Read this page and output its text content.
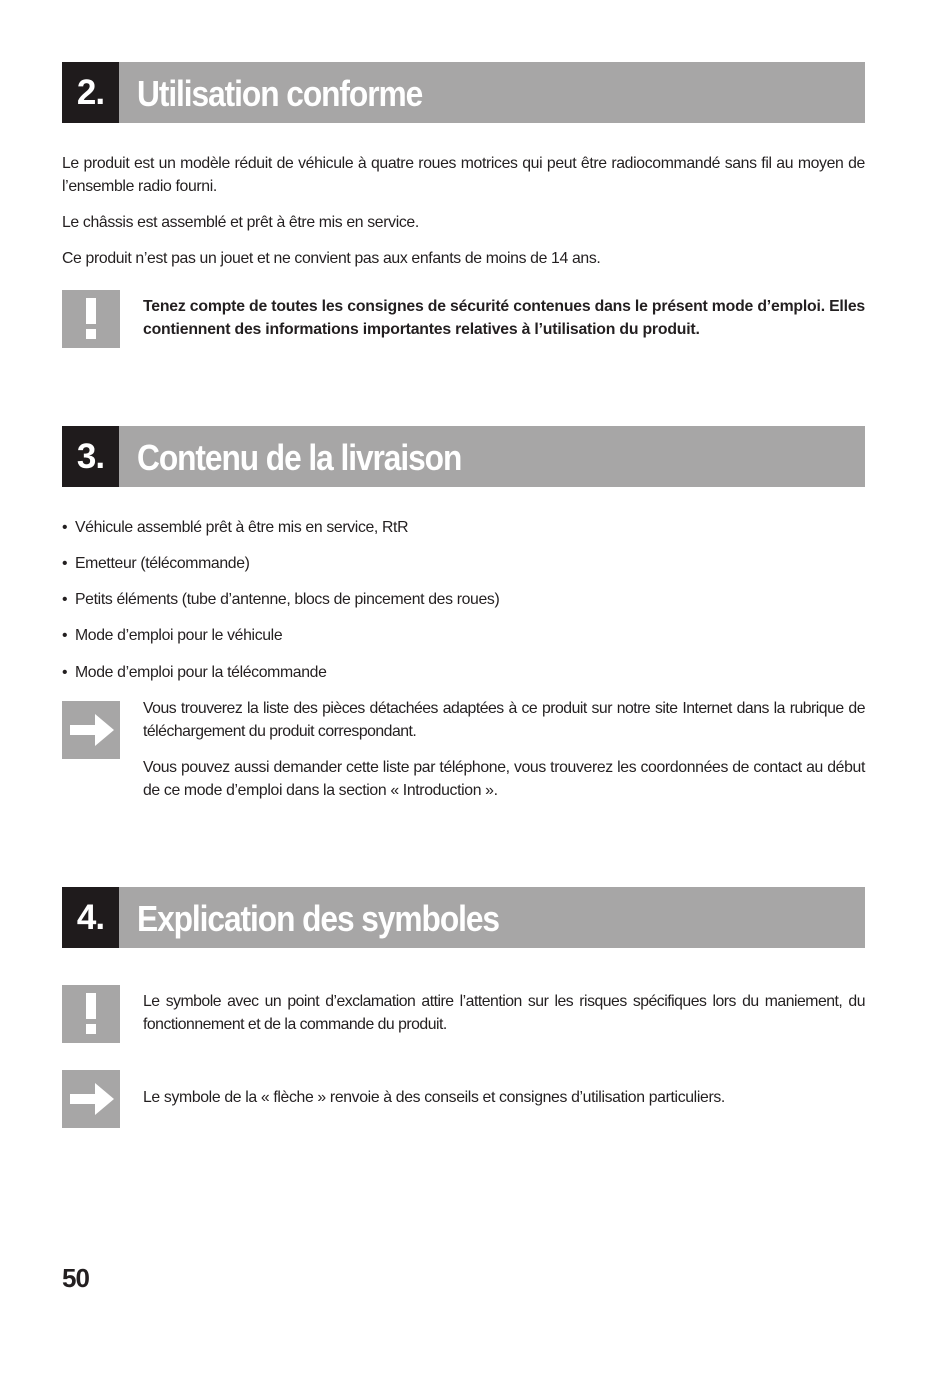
2. Utilisation conforme

Le produit est un modèle réduit de véhicule à quatre roues motrices qui peut être radiocommandé sans fil au moyen de l’ensemble radio fourni.

Le châssis est assemblé et prêt à être mis en service.

Ce produit n’est pas un jouet et ne convient pas aux enfants de moins de 14 ans.

Tenez compte de toutes les consignes de sécurité contenues dans le présent mode d’emploi. Elles contiennent des informations importantes relatives à l’utilisation du produit.

3. Contenu de la livraison
• Véhicule assemblé prêt à être mis en service, RtR
• Emetteur (télécommande)
• Petits éléments (tube d’antenne, blocs de pincement des roues)
• Mode d’emploi pour le véhicule
• Mode d’emploi pour la télécommande

Vous trouverez la liste des pièces détachées adaptées à ce produit sur notre site Internet dans la rubrique de téléchargement du produit correspondant.

Vous pouvez aussi demander cette liste par téléphone, vous trouverez les coordonnées de contact au début de ce mode d’emploi dans la section « Introduction ».

4. Explication des symboles

Le symbole avec un point d’exclamation attire l’attention sur les risques spécifiques lors du maniement, du fonctionnement et de la commande du produit.

Le symbole de la « flèche » renvoie à des conseils et consignes d’utilisation particuliers.

50
